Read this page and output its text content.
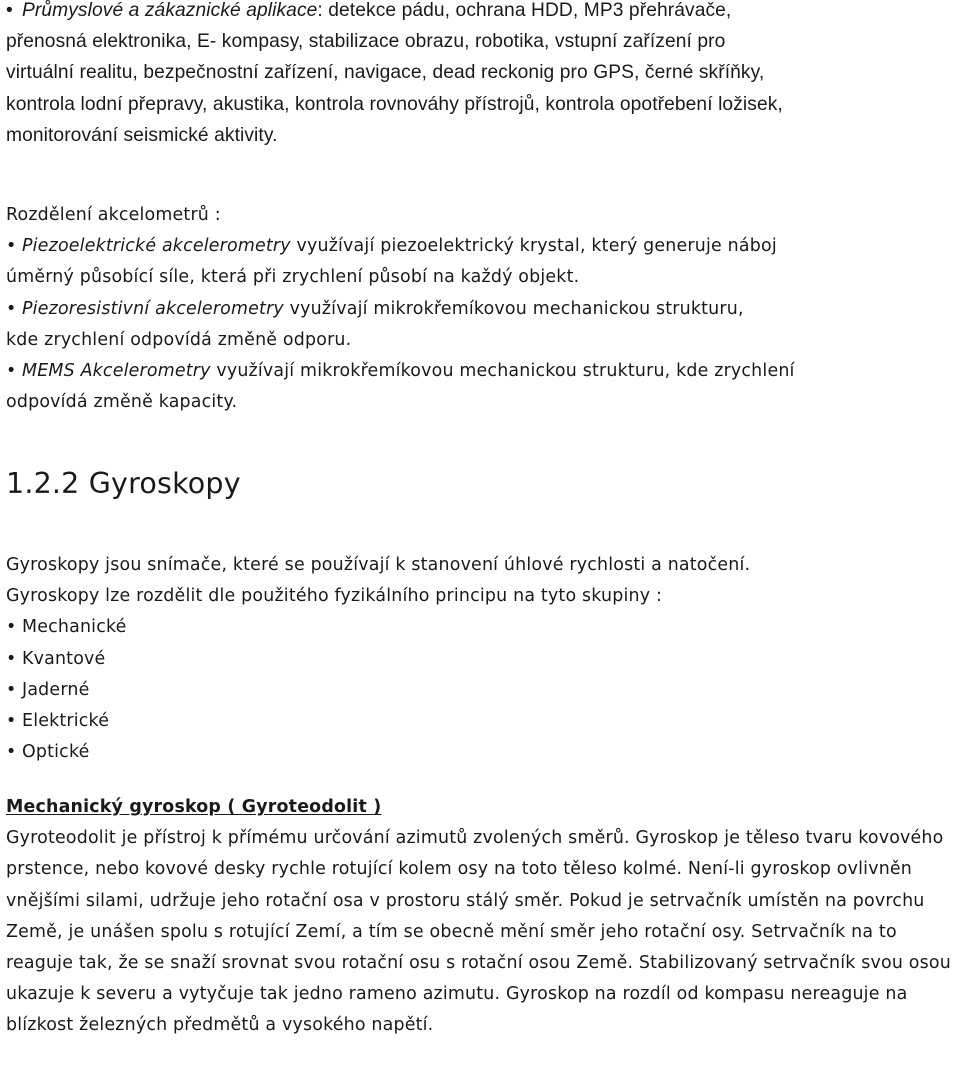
• Průmyslové a zákaznické aplikace: detekce pádu, ochrana HDD, MP3 přehrávače, přenosná elektronika, E- kompasy, stabilizace obrazu, robotika, vstupní zařízení pro virtuální realitu, bezpečnostní zařízení, navigace, dead reckonig pro GPS, černé skříňky, kontrola lodní přepravy, akustika, kontrola rovnováhy přístrojů, kontrola opotřebení ložisek, monitorování seismické aktivity.
Rozdělení akcelometrů :
• Piezoelektrické akcelerometry využívají piezoelektrický krystal, který generuje náboj úměrný působící síle, která při zrychlení působí na každý objekt.
• Piezoresistivní akcelerometry využívají mikrokřemíkovou mechanickou strukturu, kde zrychlení odpovídá změně odporu.
• MEMS Akcelerometry využívají mikrokřemíkovou mechanickou strukturu, kde zrychlení odpovídá změně kapacity.
1.2.2 Gyroskopy
Gyroskopy jsou snímače, které se používají k stanovení úhlové rychlosti a natočení.
Gyroskopy lze rozdělit dle použitého fyzikálního principu na tyto skupiny :
• Mechanické
• Kvantové
• Jaderné
• Elektrické
• Optické
Mechanický gyroskop ( Gyroteodolit )
Gyroteodolit je přístroj k přímému určování azimutů zvolených směrů. Gyroskop je těleso tvaru kovového prstence, nebo kovové desky rychle rotující kolem osy na toto těleso kolmé. Není-li gyroskop ovlivněn vnějšími silami, udržuje jeho rotační osa v prostoru stálý směr. Pokud je setrvačník umístěn na povrchu Země, je unášen spolu s rotující Zemí, a tím se obecně mění směr jeho rotační osy. Setrvačník na to reaguje tak, že se snaží srovnat svou rotační osu s rotační osou Země. Stabilizovaný setrvačník svou osou ukazuje k severu a vytyčuje tak jedno rameno azimutu. Gyroskop na rozdíl od kompasu nereaguje na blízkost železných předmětů a vysokého napětí.
